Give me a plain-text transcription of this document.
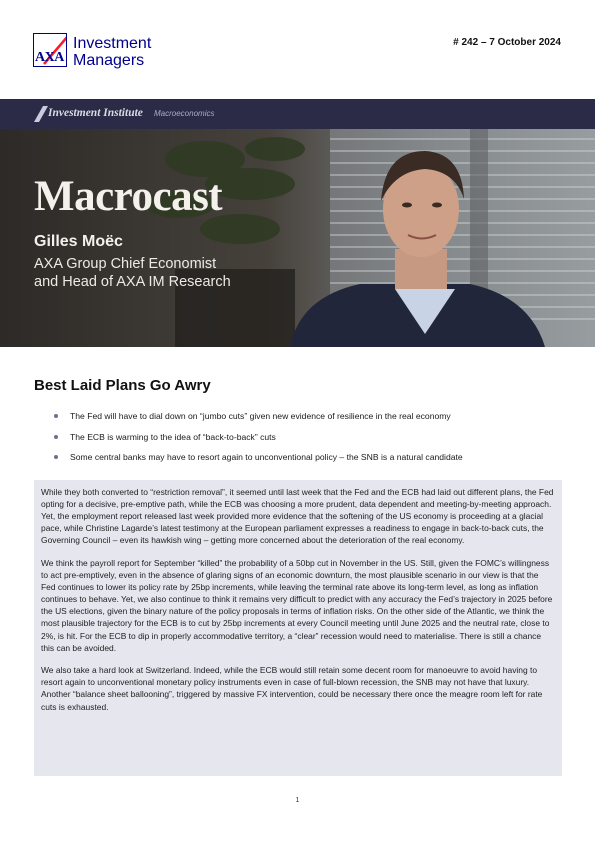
AXA
Investment
Managers
# 242 – 7 October 2024
Investment Institute Macroeconomics
Macrocast
Gilles Moëc
AXA Group Chief Economist
and Head of AXA IM Research
Best Laid Plans Go Awry
The Fed will have to dial down on “jumbo cuts” given new evidence of resilience in the real economy
The ECB is warming to the idea of “back-to-back” cuts
Some central banks may have to resort again to unconventional policy – the SNB is a natural candidate

While they both converted to “restriction removal”, it seemed until last week that the Fed and the ECB had laid out different plans, the Fed opting for a decisive, pre-emptive path, while the ECB was choosing a more prudent, data dependent and meeting-by-meeting approach. Yet, the employment report released last week provided more evidence that the softening of the US economy is proceeding at a glacial pace, while Christine Lagarde’s latest testimony at the European parliament expresses a readiness to engage in back-to-back cuts, the Governing Council – even its hawkish wing – getting more concerned about the deterioration of the real economy.

We think the payroll report for September “killed” the probability of a 50bp cut in November in the US. Still, given the FOMC’s willingness to act pre-emptively, even in the absence of glaring signs of an economic downturn, the most plausible scenario in our view is that the Fed continues to lower its policy rate by 25bp increments, while leaving the terminal rate above its long-term level, as long as inflation continues to behave. Yet, we also continue to think it remains very difficult to predict with any accuracy the Fed’s trajectory in 2025 before the US elections, given the binary nature of the policy proposals in terms of inflation risks. On the other side of the Atlantic, we think the most plausible trajectory for the ECB is to cut by 25bp increments at every Council meeting until June 2025 and the neutral rate, close to 2%, is hit. For the ECB to dip in properly accommodative territory, a “clear” recession would need to materialise. There is still a chance this can be avoided.

We also take a hard look at Switzerland. Indeed, while the ECB would still retain some decent room for manoeuvre to avoid having to resort again to unconventional monetary policy instruments even in case of full-blown recession, the SNB may not have that luxury. Another “balance sheet ballooning”, triggered by massive FX intervention, could be necessary there once the meagre room left for rate cuts is exhausted.

1
